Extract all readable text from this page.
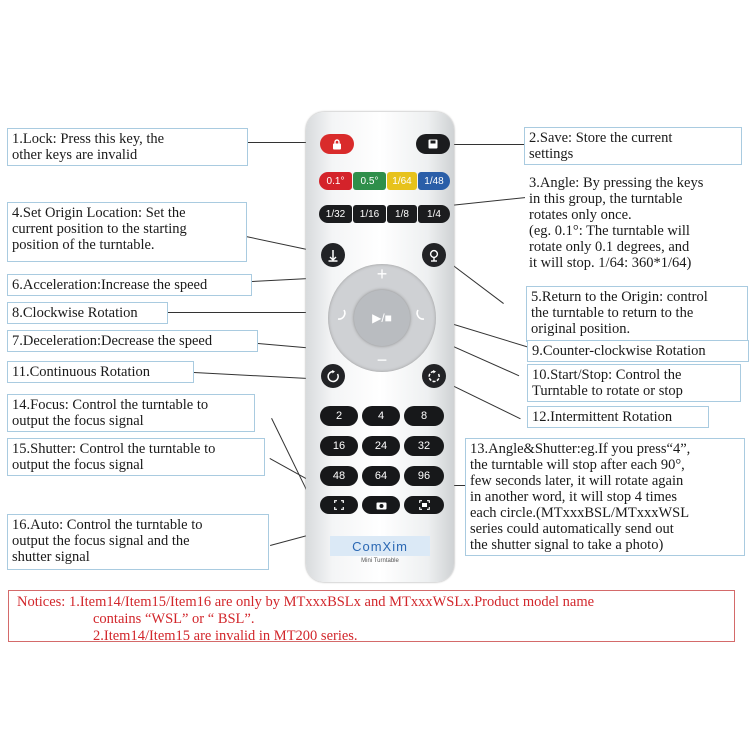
0.1°	0.5°	1/64	1/48
1/32	1/16	1/8	1/4
+
−
▶/■
2	4	8
16	24	32
48	64	96
ComXim
Mini Turntable
1.Lock: Press this key, the
other keys are invalid
2.Save: Store the current
settings
3.Angle: By pressing the keys
in this group, the turntable
rotates only once.
(eg. 0.1°: The turntable will
rotate only 0.1 degrees, and
it will stop. 1/64: 360*1/64)
4.Set Origin Location: Set the
current position to the starting
position of the turntable.
6.Acceleration:Increase the speed
5.Return to the Origin: control
the turntable to return to the
original position.
8.Clockwise Rotation
7.Deceleration:Decrease the speed
9.Counter-clockwise Rotation
11.Continuous Rotation	10.Start/Stop: Control the
Turntable to rotate or stop
14.Focus: Control the turntable to
output the focus signal	12.Intermittent Rotation
15.Shutter: Control the turntable to
output the focus signal
13.Angle&Shutter:eg.If you press“4”,
the turntable will stop after each 90°,
few seconds later, it will rotate again
in another word, it will stop 4 times
each circle.(MTxxxBSL/MTxxxWSL
series could automatically send out
the shutter signal to take a photo)
16.Auto: Control the turntable to
output the focus signal and the
shutter signal
Notices: 1.Item14/Item15/Item16 are only by MTxxxBSLx and MTxxxWSLx.Product model name
contains “WSL” or “ BSL”.
2.Item14/Item15 are invalid in MT200 series.
